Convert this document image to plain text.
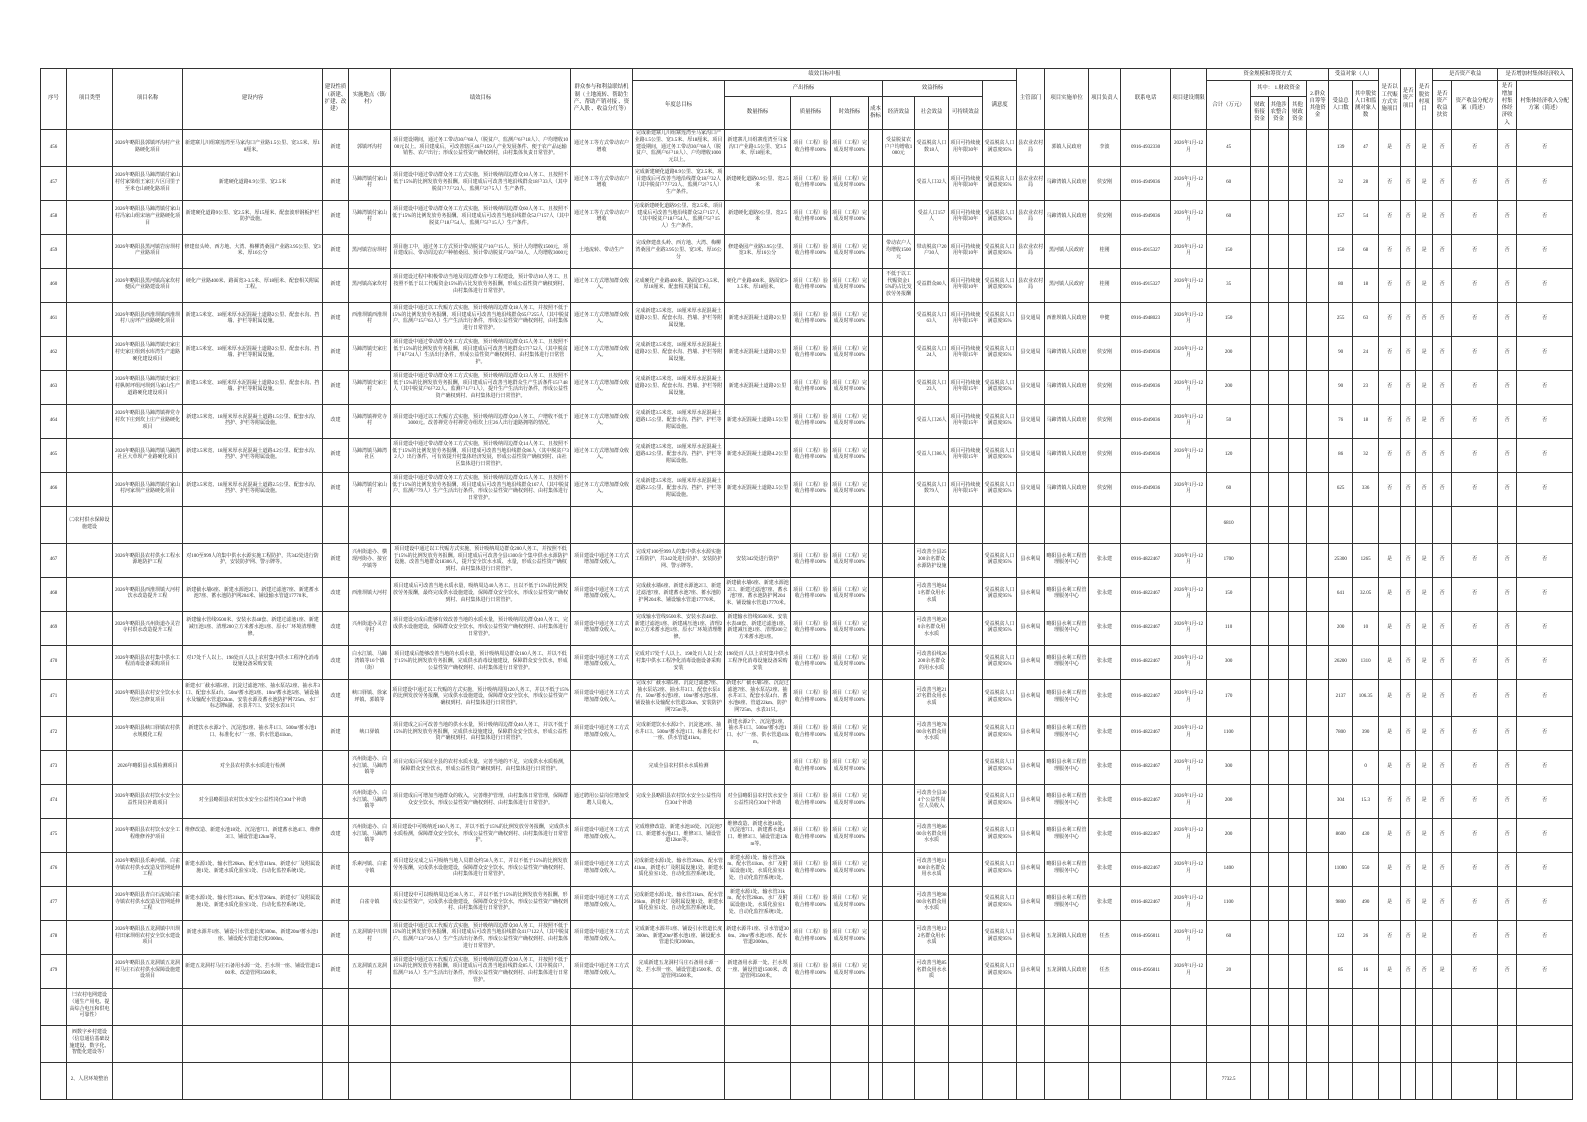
序号	项目类型	项目名称	建设内容	建设性质（新建、扩建、改建）	实施地点（镇/村）	绩效目标	群众参与和利益联结机制（土地流转、帮助生产、帮助产销对接 、资产入股 、收益分红等）	绩效目标申报									主管部门	项目实施单位	项目负责人	联系电话	项目建设期限	资金规模和筹资方式					受益对象（人）		是否以工代赈方式实施项目	是否资产项目	是否脱贫村项目	是否资产收益		是否增加村集体经济收入	
								年度总目标	产出指标				效益指标			满意度						合计（万元）	其中： 1.财政资金			2.群众自筹等其他资金	受益总人口数	其中脱贫人口和监测对象人数				是否资产收益扶贫	资产收益分配方案（简述）	是否增加村集体经济收入	村集体经济收入分配方案（简述）
									数量指标	质量指标	时效指标	成本指标	经济效益	社会效益	可持续效益								财政衔接资金	其他涉农整合资金	其他财政资金										
456		2026年略阳县郭镇坪沟村产业路硬化项目	新建寨儿川组寨莲湾至马家沟口产业路1.5公里、宽3.5米、厚18厘米。	新建	郭镇坪沟村	项目建设期间，通过务工带动30户68人（脱贫户、监测户6户18人）、户均增收1000元以上。项目建成后，可改善辖区46户159人产业发展条件、便于农产品运输销售、农户出行；形成公益性资产确权到村，由村集体负责日常管护。	通过务工等方式带动农户增收	完成新建寨儿川组寨莲湾至马家沟口产业路1.5公里、宽3.5米、厚18厘米。项目建设期间，通过务工带动30户68人（脱贫户、监测户6户18人）、户均增收1000元以上。	新建寨儿川组寨莲湾至马家沟口产业路1.5公里、宽3.5米、厚18厘米。	项目（工程）验收合格率100%	项目（工程）完成及时率100%		受益脱贫农户户均增收1000元	受益脱贫人口数18人	项目可持续使用年限30年	受益脱贫人口满意度95%	县农业农村局	郭镇人民政府	李波	0916-4932330	2026年1月-12月	45					139	47	是	否	是	否	否	否	否
457		2026年略阳县马蹄湾镇付家山村付家梁组王家庄片区闫里子至米仓山硬化路项目	新建硬化道路0.9公里、宽2.5米	新建	马蹄湾镇付家山村	项目建设中通过带动群众务工方式实施，预计吸纳周边群众10人务工、且按照不低于15%的比例发放劳务报酬。项目建成后可改善当地沿线群众18户33人（其中脱贫户7户23人、监测户2户5人）生产条件。	通过务工等方式带动农户增收	完成新建硬化道路0.9公里、宽2.5米。项目建成后可改善当地沿线群众18户32人（其中脱贫户7户23人、监测户2户5人）生产条件。	新建硬化道路0.9公里、宽2.5米	项目（工程）验收合格率100%	项目（工程）完成及时率100%			受益人口32人	项目可持续使用年限30年	受益脱贫人口满意度95%	县农业农村局	马蹄湾镇人民政府	侯安刚	0916-4949036	2026年1月-12月	60					32	28	否	否	是	否	否	否	否
458		2026年略阳县马蹄湾镇付家山村冯家山组宋垴产业路硬化项目	新建硬化道路9公里、宽2.5米、厚15厘米、配套波形钢板护栏防护设施。	新建	马蹄湾镇付家山村	项目建设中通过带动群众务工方式实施，预计吸纳周边群众60人务工、且按照不低于15%的比例发放劳务报酬。项目建成后可改善当地沿线群众52户157人（其中脱贫户18户54人、监测户5户15人）生产条件。	通过务工等方式带动农户增收	完成新建硬化道路9公里、宽2.5米。项目建成后可改善当地沿线群众52户157人（其中脱贫户18户54人、监测户5户15人）生产条件。	新建硬化道路9公里、宽2.5米	项目（工程）验收合格率100%	项目（工程）完成及时率100%			受益人口157人	项目可持续使用年限30年	受益脱贫人口满意度95%	县农业农村局	马蹄湾镇人民政府	侯安刚	0916-4949036	2026年1月-12月	60					157	54	否	否	是	否	否	否	否
459		2026年略阳县黑河镇岩房坝村产业路项目	修建盘头岭、西方地、大湾、梅柳湾桑园产业路3.95公里、宽3米、厚16公分	新建	黑河镇岩房坝村	项目施工中，通过务工方式预计带动脱贫户10户15人、预计人均增收1500元，项目建成后、带动周边农户种植桑园、预计带动脱贫户20户30人、人均增收3000元	土地流转、带动生产	完成修建盘头岭、西方地、大湾、梅柳湾桑园产业路3.95公里、宽3米、厚16公分	修建桑园产业路3.95公里、宽3米、厚16公分	项目（工程）验收合格率100%	项目（工程）完成及时率100%		带动农户人均增收1500元	带动脱贫户20户30人	项目可持续使用年限10年	受益脱贫人口满意度95%	县农业农村局	黑河镇人民政府	桂刚	0916-4915327	2026年1月-12月	150					150	68	否	否	是	否	否	否	否
460		2026年略阳县黑河镇高家坎村便民产业路建设项目	硬化产业路400米、路面宽3-3.5米、厚18厘米、配套相关附属工程。	新建	黑河镇高家坎村	项目建设过程中积极带动当地及周边群众参与工程建设，预计带动10人务工、且按照不低于以工代赈资金15%的占比发放劳务报酬，形成公益性资产确权到村、由村集体进行日常管护。	通过务工方式增加群众收入。	完成硬化产业路400米、路面宽3-3.5米、厚18厘米、配套相关附属工程。	硬化产业路400米、路面宽3-3.5米、厚18厘米。	项目（工程）验收合格率100%	项目（工程）完成及时率100%		不低于以工代赈资金15%的占比发放劳务报酬	受益群众80人	项目可持续使用年限10年	受益脱贫人口满意度95%	县农业农村局	黑河镇人民政府	桂刚	0916-4915327	2026年1月-12月	35					80	18	否	否	是	否	否	否	否
461		2026年略阳县西淮坝镇西淮坝村八房坪产业路硬化项目	新建3.5米宽、18厘米厚水泥混凝土道路2公里、配套水沟、挡墙、护栏等附属设施。	新建	西淮坝镇西淮坝村	项目建设中通过以工代赈方式实施，预计吸纳周边群众18人务工，并按照不低于15%的比例发放劳务报酬，项目建成后可改善当地沿线群众65户255人（其中脱贫户、监测户15户63人）生产生活出行条件，形成公益性资产确权到村，由村集体进行日常管护。	通过务工方式增加群众收入。	完成新建3.5米宽、18厘米厚水泥混凝土道路2公里、配套水沟、挡墙、护栏等附属设施。	新建水泥混凝土道路2公里	项目（工程）验收合格率100%	项目（工程）完成及时率100%			受益脱贫人口63人	项目可持续使用年限15年	受益脱贫人口满意度95%	县交通局	西淮坝镇人民政府	申健	0916-4948023	2026年1月-12月	150					255	63	否	否	否	否	否	否	否
462		2026年略阳县马蹄湾镇史家庄村史家庄组到水库湾生产道路硬化建设项目	新建3.5米宽、18厘米厚水泥混凝土道路2公里、配套水沟、挡墙、护栏等附属设施。	新建	马蹄湾镇史家庄村	项目建设中通过带动群众务工方式实施，预计吸纳周边群众15人务工、且按照不低于15%的比例发放劳务报酬，项目建成后可改善当地群众17户52人（其中脱贫户8户24人）生活出行条件，形成公益性资产确权到村、由村集体进行日常管护。	通过务工方式增加群众收入。	完成新建3.5米宽、18厘米厚水泥混凝土道路2公里、配套水沟、挡墙、护栏等附属设施。	新建水泥混凝土道路2公里	项目（工程）验收合格率100%	项目（工程）完成及时率100%			受益脱贫人口24人	项目可持续使用年限15年	受益脱贫人口满意度95%	县交通局	马蹄湾镇人民政府	侯安刚	0916-4949036	2026年1月-12月	200					90	24	否	否	是	否	否	否	否
463		2026年略阳县马蹄湾镇史家庄村枞树坪组河坝到马家山生产道路硬化建设项目	新建3.5米宽、18厘米厚水泥混凝土道路2公里、配套水沟、挡墙、护栏等附属设施。	新建	马蹄湾镇史家庄村	项目建设中通过带动群众务工方式实施，预计吸纳周边群众13人务工、且按照不低于15%的比例发放劳务报酬，项目建成后可改善当地群众生产生活条件15户48人（其中脱贫户6户22人、监测户1户1人），提升生产生活出行条件，形成公益性资产确权到村、由村集体进行日常管护。	通过务工方式增加群众收入。	完成新建3.5米宽、18厘米厚水泥混凝土道路2公里、配套水沟、挡墙、护栏等附属设施。	新建水泥混凝土道路2公里	项目（工程）验收合格率100%	项目（工程）完成及时率100%			受益脱贫人口23人	项目可持续使用年限15年	受益脱贫人口满意度95%	县交通局	马蹄湾镇人民政府	侯安刚	0916-4949036	2026年1月-12月	200					90	23	否	否	是	否	否	否	否
464		2026年略阳县马蹄湾镇禅党寺村坎下庄到坎上庄产业路硬化项目	新建3.5米宽、18厘米厚水泥混凝土道路1.5公里、配套水沟、挡护、护栏等附属设施。	改建	马蹄湾镇禅党寺村	项目建设中通过以工代赈方式实施，预计吸纳周边群众20人务工、户增收不低于3000元。改善禅党寺村禅党寺组坎上庄26人出行道路拥堵的情况。	通过务工方式增加群众收入。	完成新建3.5米宽、18厘米厚水泥混凝土道路1.5公里、配套水沟、挡护、护栏等附属设施。	新建水泥混凝土道路1.5公里	项目（工程）验收合格率100%	项目（工程）完成及时率100%			受益人口26人	项目可持续使用年限15年	受益脱贫人口满意度95%	县交通局	马蹄湾镇人民政府	侯安刚	0916-4949036	2026年1月-12月	50					76	18	否	否	是	否	否	否	否
465		2026年略阳县马蹄湾镇马蹄湾社区大草坝产业路硬化项目	新建3.5米宽、18厘米厚水泥混凝土道路4.2公里、配套水沟、挡护、护栏等附属设施。	新建	马蹄湾镇马蹄湾社区	项目建设中通过带动群众务工方式实施，预计吸纳周边群众14人务工、且按照不低于15%的比例发放劳务报酬，项目建成可改善当地沿线群众86人（其中脱贫户32人）出行条件，可有效提升村集体经济发展，形成公益性资产确权到村、由社区集体进行日常管护。	通过务工方式增加群众收入。	完成新建3.5米宽、18厘米厚水泥混凝土道路4.2公里、配套水沟、挡护、护栏等附属设施。	新建水泥混凝土道路4.2公里	项目（工程）验收合格率100%	项目（工程）完成及时率100%			受益人口86人	项目可持续使用年限15年	受益脱贫人口满意度95%	县交通局	马蹄湾镇人民政府	侯安刚	0916-4949036	2026年1月-12月	120					86	32	否	否	否	否	否	否	否
466		2026年略阳县马蹄湾镇付家山村河家坝产业路硬化项目	新建3.5米宽、18厘米厚水泥混凝土道路2.5公里、配套水沟、挡护、护栏等附属设施。	新建	马蹄湾镇付家山村	项目建设中通过带动群众务工方式实施，预计吸纳周边群众15人务工、且按照不低于15%的比例发放劳务报酬，项目建成后可改善当地沿线群众167人（其中脱贫户、监测户79人）生产生活出行条件，形成公益性资产确权到村、由村集体进行日常管护。	通过务工方式增加群众收入。	完成新建3.5米宽、18厘米厚水泥混凝土道路2.5公里、配套水沟、挡护、护栏等附属设施。	新建水泥混凝土道路2.5公里	项目（工程）验收合格率100%	项目（工程）完成及时率100%			受益脱贫人口数79人	项目可持续使用年限15年	受益脱贫人口满意度95%	县交通局	马蹄湾镇人民政府	侯安刚	0916-4949036	2026年1月-12月	60					625	336	否	否	否	否	否	否	否
	㈡农村供水保障设施建设																					6810													
467		2026年略阳县农村供水工程水源地防护工程	对100至999人的集中供水水源实施工程防护，共342处进行防护，安装防护网、警示牌等。	新建	兴州街道办、横现河街办、接官亭镇等	项目建设中通过以工代赈方式实施，预计吸纳周边群众200人务工，并按照不低于15%的比例发放劳务报酬。项目建成后可改善全县1300余个集中供水水源防护设施、改善当地群众18306人，提升安全饮水水质、水量，形成公益性资产确权到村、由村集体进行日常管护。	项目建设中通过务工方式增加群众收入。	完成对100至999人的集中供水水源实施工程防护，共342处进行防护、安装防护网、警示牌等。	安装342处进行防护	项目（工程）验收合格率100%	项目（工程）完成及时率100%			可改善全县25300余名群众水源防护设施		受益脱贫人口满意度95%	县水利局	略阳县水利工程管理服务中心	张永建	0916-4822467	2026年1月-12月	1700					25300	1265	是	否	是	否	否	否	否
468		2026年略阳县西淮坝镇大河村饮水改造提升工程	新建截水墙6座、新建水源池2口、新建过滤池7座、新建蓄水池7座、蓄水池防护网204米、铺设输水管道17770米。	改建	西淮坝镇大河村	项目建成后可改善当地水质水量，吸纳周边40人务工、且以不低于15%的比例发放劳务报酬，最终完成供水设施建设，保障群众安全饮水，形成公益性资产确权到村、由村集体进行日常管护。	项目建设中通过务工方式增加群众收入。	完成截水墙6座、新建水源池2口、新建过滤池7座、新建蓄水池7座、蓄水池防护网204米、铺设输水管道17770米。	新建截水墙6座、新建水源池2口、新建过滤池7座、蓄水池7座、蓄水池防护网204米、铺设输水管道17770米。	项目（工程）验收合格率100%	项目（工程）完成及时率100%			可改善当地641名群众用水水质		受益脱贫人口满意度95%	县水利局	略阳县水利工程管理服务中心	张永建	0916-4822467	2026年1月-12月	150					641	32.05	是	否	是	否	否	否	否
469		2026年略阳县兴州街道办灵岩寺村供水改造提升工程	新建输水管线9500米、安装水表48套、新建过滤池1座、新建减压池1座、清理200立方米蓄水池1座、原水厂环境清理维修。	改建	兴州街道办灵岩寺村	项目建设完成后能够有效改善当地的水质水量，预计吸纳周边群众40人务工，完成供水设施建设，保障群众安全饮水，形成公益性资产确权到村、由村集体进行日常管护。	项目建设中通过务工方式增加群众收入。	完成输水管线9500米、安装水表48套、新建过滤池1座、新建减压池1座、清理200立方米蓄水池1座、原水厂环境清理维修。	新建输水管线9500米、安装水表48套、新建过滤池1座、新建减压池1座、清理200立方米蓄水池1座。	项目（工程）验收合格率100%	项目（工程）完成及时率100%			可改善当地200余名群众用水水质		受益脱贫人口满意度95%	县水利局	略阳县水利工程管理服务中心	张永建	0916-4822467	2026年1月-12月	110					200	10	是	否	是	否	否	否	否
470		2026年略阳县农村集中供水工程消毒设备采购项目	对17处千人以上、198处百人以上农村集中供水工程净化消毒设施设备采购安装	改建	白水江镇、马蹄湾镇等16个镇（街）	项目建成后能够改善当地的水质水量，预计吸纳周边群众160人务工、并以不低于15%的比例发放劳务报酬，完成供水消毒设施建设，保障群众安全饮水，形成公益性资产确权到村、由村集体进行日常管护。	项目建设中通过务工方式增加群众收入。	完成对17处千人以上、198处百人以上农村集中供水工程净化消毒设施设备采购安装	198处百人以上农村集中供水工程净化消毒设施设备采购安装	项目（工程）验收合格率100%	项目（工程）完成及时率100%			可改善沿线26200余名群众的用水水质		受益脱贫人口满意度95%	县水利局	略阳县水利工程管理服务中心	张永建	0916-4822467	2026年1月-12月	300					26200	1310	是	否	是	否	否	否	否
471		2026年略阳县农村安全饮水水毁应急修复项目	新建水厂截水墙5座、沉淀过滤池7座、抽水泵站2座、抽水井3口、配套水泵4台、50m³蓄水池3座、10m³蓄水池5座、铺设抽水及输配水管道22km、安装水源及蓄水池防护网725m、水厂标志牌8副、水表井7口、安装水表31只	改建	峡口驿镇、徐家坪镇、郭镇等	项目建设中通过以工代赈的方式实施，预计吸纳周围120人务工，并以不低于15%的比例发放劳务报酬，完成供水设施建设，保障群众安全饮水，形成公益性资产确权到村、由村集体进行日常管护。	项目建设中通过务工方式增加群众收入。	完成水厂截水墙5座、沉淀过滤池7座、抽水泵站2座、抽水井3口、配套水泵4台、50m³蓄水池3座、10m³蓄水池5座、铺设抽水及输配水管道22km、安装防护网725m等。	新建水厂截水墙5座、沉淀过滤池7座、抽水泵站2座、抽水井3口、配套水泵4台、蓄水池8座、管道22km、防护网725m、水表31只。	项目（工程）验收合格率100%	项目（工程）完成及时率100%			可改善当地2137名群众用水水质		受益脱贫人口满意度95%	县水利局	略阳县水利工程管理服务中心	张永建	0916-4822467	2026年1月-12月	170					2137	106.35	是	否	是	否	否	否	否
472		2026年略阳县峡口驿镇农村供水规模化工程	新建饮水水源2个、沉淀池2座、抽水井1口、500m³蓄水池1口、标准化水厂一座、供水管道41km。	新建	峡口驿镇	项目建成之后可改善当地的供水水量，预计吸纳周边群众40人务工，并以不低于15%的比例发放劳务报酬，完成供水设施建设，保障群众安全饮水，形成公益性资产确权到村、由村集体进行日常管护。	项目建设中通过务工方式增加群众收入。	完成新建饮水水源2个、沉淀池2座、抽水井1口、500m³蓄水池1口、标准化水厂一座、供水管道41km。	新建水源2个、沉淀池2座、抽水井1口、500m³蓄水池1口、水厂一座、供水管道41km。	项目（工程）验收合格率100%	项目（工程）完成及时率100%			可改善当地7800余名群众用水水质		受益脱贫人口满意度95%	县水利局	略阳县水利工程管理服务中心	张永建	0916-4822467	2026年1月-12月	1100					7800	390	是	否	是	否	否	否	否
473		2026年略阳县水质检测项目	对全县农村供水水质进行检测		兴州街道办、白水江镇、马蹄湾镇等	项目完成后可保证全县的农村水质水量，完善当地的不足，完成供水水质检测，保障群众安全饮水，形成公益性资产确权到村、由村集体进行日常管护。		完成全县农村供水水质检测		项目（工程）验收合格率100%	项目（工程）完成及时率100%					受益脱贫人口满意度95%	县水利局	略阳县水利工程管理服务中心	张永建	0916-4822467	2026年1月-12月	300						0	是	否	是	否	否	否	否
474		2026年略阳县农村饮水安全公益性岗位补助项目	对全县略阳县农村饮水安全公益性岗位304个补助		兴州街道办、白水江镇、马蹄湾镇等	项目建成后可增加当地群众的收入，完善维护管理，由村集体日常管理，保障群众安全饮水，形成公益性资产确权到村、由村集体进行日常管护。	通过聘用公益岗位增加受聘人员收入。	完成全县略阳县农村饮水安全公益性岗位304个补助	对全县略阳县农村饮水安全公益性岗位304个补助	项目（工程）验收合格率100%	项目（工程）完成及时率100%			可改善全县304个公益性岗位人员收入		受益脱贫人口满意度95%	县水利局	略阳县水利工程管理服务中心	张永建	0916-4822467	2026年1月-12月	200					304	15.3	否	否	是	否	否	否	否
475		2026年略阳县农村饮水安全工程维修养护项目	维修改造、新建水池18处、沉淀池7口、新建蓄水池4口、维修3口、铺设管道12km等。	改建	兴州街道办、白水江镇、马蹄湾镇等	项目建设中可吸纳近160人务工，并以不低于15%的比例发放劳务报酬，完成供水水质检测，保障群众安全饮水，形成公益性资产确权到村、由村集体进行日常管护。	项目建设中通过务工方式增加群众收入。	完成维修改造、新建水池18处、沉淀池7口、新建蓄水池4口、维修3口、铺设管道12km等。	维修改造、新建水池18处、沉淀池7口、新建蓄水池4口、维修3口、铺设管道12km等。	项目（工程）验收合格率100%	项目（工程）完成及时率100%			可改善当地8600余名群众用水水质		受益脱贫人口满意度95%	县水利局	略阳县水利工程管理服务中心	张永建	0916-4822467	2026年1月-12月	200					8600	430	是	否	是	否	否	否	否
476		2026年略阳县乐素河镇、白雀寺镇农村供水改造及管网延伸工程	新建水源1处、输水管20km、配水管41km、新建水厂及附属设施1处、新建水质化验室1处、自动化监控系统1处。	新建	乐素河镇、白雀寺镇	项目建设完成之后可吸纳当地人员群众约50人务工，并以不低于15%的比例发放劳务报酬，完成供水设施建设，保障群众安全饮水，形成公益性资产确权到村、由村集体进行日常管护。	项目建设中通过务工方式增加群众收入。	完成新建水源1处、输水管20km、配水管41km、新建水厂及附属设施1处、新建水质化验室1处、自动化监控系统1处。	新建水源1处、输水管20km、配水管41km、水厂及附属设施1处、水质化验室1处、自动化监控系统1处。	项目（工程）验收合格率100%	项目（工程）完成及时率100%			可改善当地11000余名群众用水水质		受益脱贫人口满意度95%	县水利局	略阳县水利工程管理服务中心	张永建	0916-4822467	2026年1月-12月	1400					11000	550	是	否	是	否	否	否	否
477		2026年略阳县青白石流域白雀寺镇农村供水改造及管网延伸工程	新建水源1处、输水管31km、配水管26km、新建水厂及附属设施1处、新建水质化验室1处、自动化监控系统1处。	新建	白雀寺镇	项目建设中可以吸纳周边近30人务工，并以不低于15%的比例发放劳务报酬，形成公益性资产，完成供水设施建设，保障群众安全饮水，形成公益性资产确权到村、由村集体进行日常管护。	项目建设中通过务工方式增加群众收入。	完成新建水源1处、输水管31km、配水管26km、新建水厂及附属设施1处、新建水质化验室1处、自动化监控系统1处。	新建水源1处、输水管31km、配水管26km、水厂及附属设施1处、水质化验室1处、自动化监控系统1处。	项目（工程）验收合格率100%	项目（工程）完成及时率100%			可改善当地9800余名群众用水水质		受益脱贫人口满意度95%	县水利局	略阳县水利工程管理服务中心	张永建	0916-4822467	2026年1月-12月	1100					9800	490	是	否	是	否	否	否	否
478		2026年略阳县五龙洞镇中川坝村田家坝组农村安全饮水建设项目	新建水源井1座、铺设引水管道长度300m、新建20m³蓄水池1座、铺设配水管道长度2000m。	新建	五龙洞镇中川坝村	项目建设中通过以工代赈方式实施，预计吸纳周边群众30人务工，并按照不低于15%的比例发放劳务报酬，项目建成后可改善当地沿线群众41户122人（其中脱贫户、监测户13户26人）生产生活出行条件，形成公益性资产确权到村、由村集体进行日常管护。	项目建设中通过务工方式增加群众收入。	完成新建水源井1座、铺设引水管道长度300m、新建20m³蓄水池1座、铺设配水管道长度2000m。	新建水源井1座、引水管道300m、20m³蓄水池1座、配水管道2000m。	项目（工程）验收合格率100%	项目（工程）完成及时率100%			可改善当地122名群众用水水质		受益脱贫人口满意度95%	县水利局	五龙洞镇人民政府	任杰	0916-4956011	2026年1月-12月	60					122	26	否	否	是		否	否	否
479		2026年略阳县五龙洞镇五龙洞村马庄石农村供水保障设施建设项目	新建五龙洞村马庄石备用水源一处、拦水坝一座、铺设管道1500米、改造管网3500米。	新建	五龙洞镇五龙洞村	项目建设中通过以工代赈方式实施，预计吸纳周边群众30人务工，并按照不低于15%的比例发放劳务报酬，项目建成后可改善当地沿线群众85人（其中脱贫户、监测户16人）生产生活出行条件，形成公益性资产确权到村、由村集体进行日常管护。	项目建设中通过务工方式增加群众收入。	完成新建五龙洞村马庄石备用水源一处、拦水坝一座、铺设管道1500米、改造管网3500米。	新建备用水源一处、拦水坝一座、铺设管道1500米、改造管网3500米。	项目（工程）验收合格率100%	项目（工程）完成及时率100%			可改善当地85名群众用水水质		受益脱贫人口满意度95%	县水利局	五龙洞镇人民政府	任杰	0916-4956011	2026年1月-12月	20					85	16	是	否	否	是	否	否	否
	㈢农村电网建设（通生产用电、提高综合电压和供电可靠性）																																		
	㈣数字乡村建设（信息通信基础设施建设、数字化、智能化建设等）																																		
	2、人居环境整治																					7732.5													
